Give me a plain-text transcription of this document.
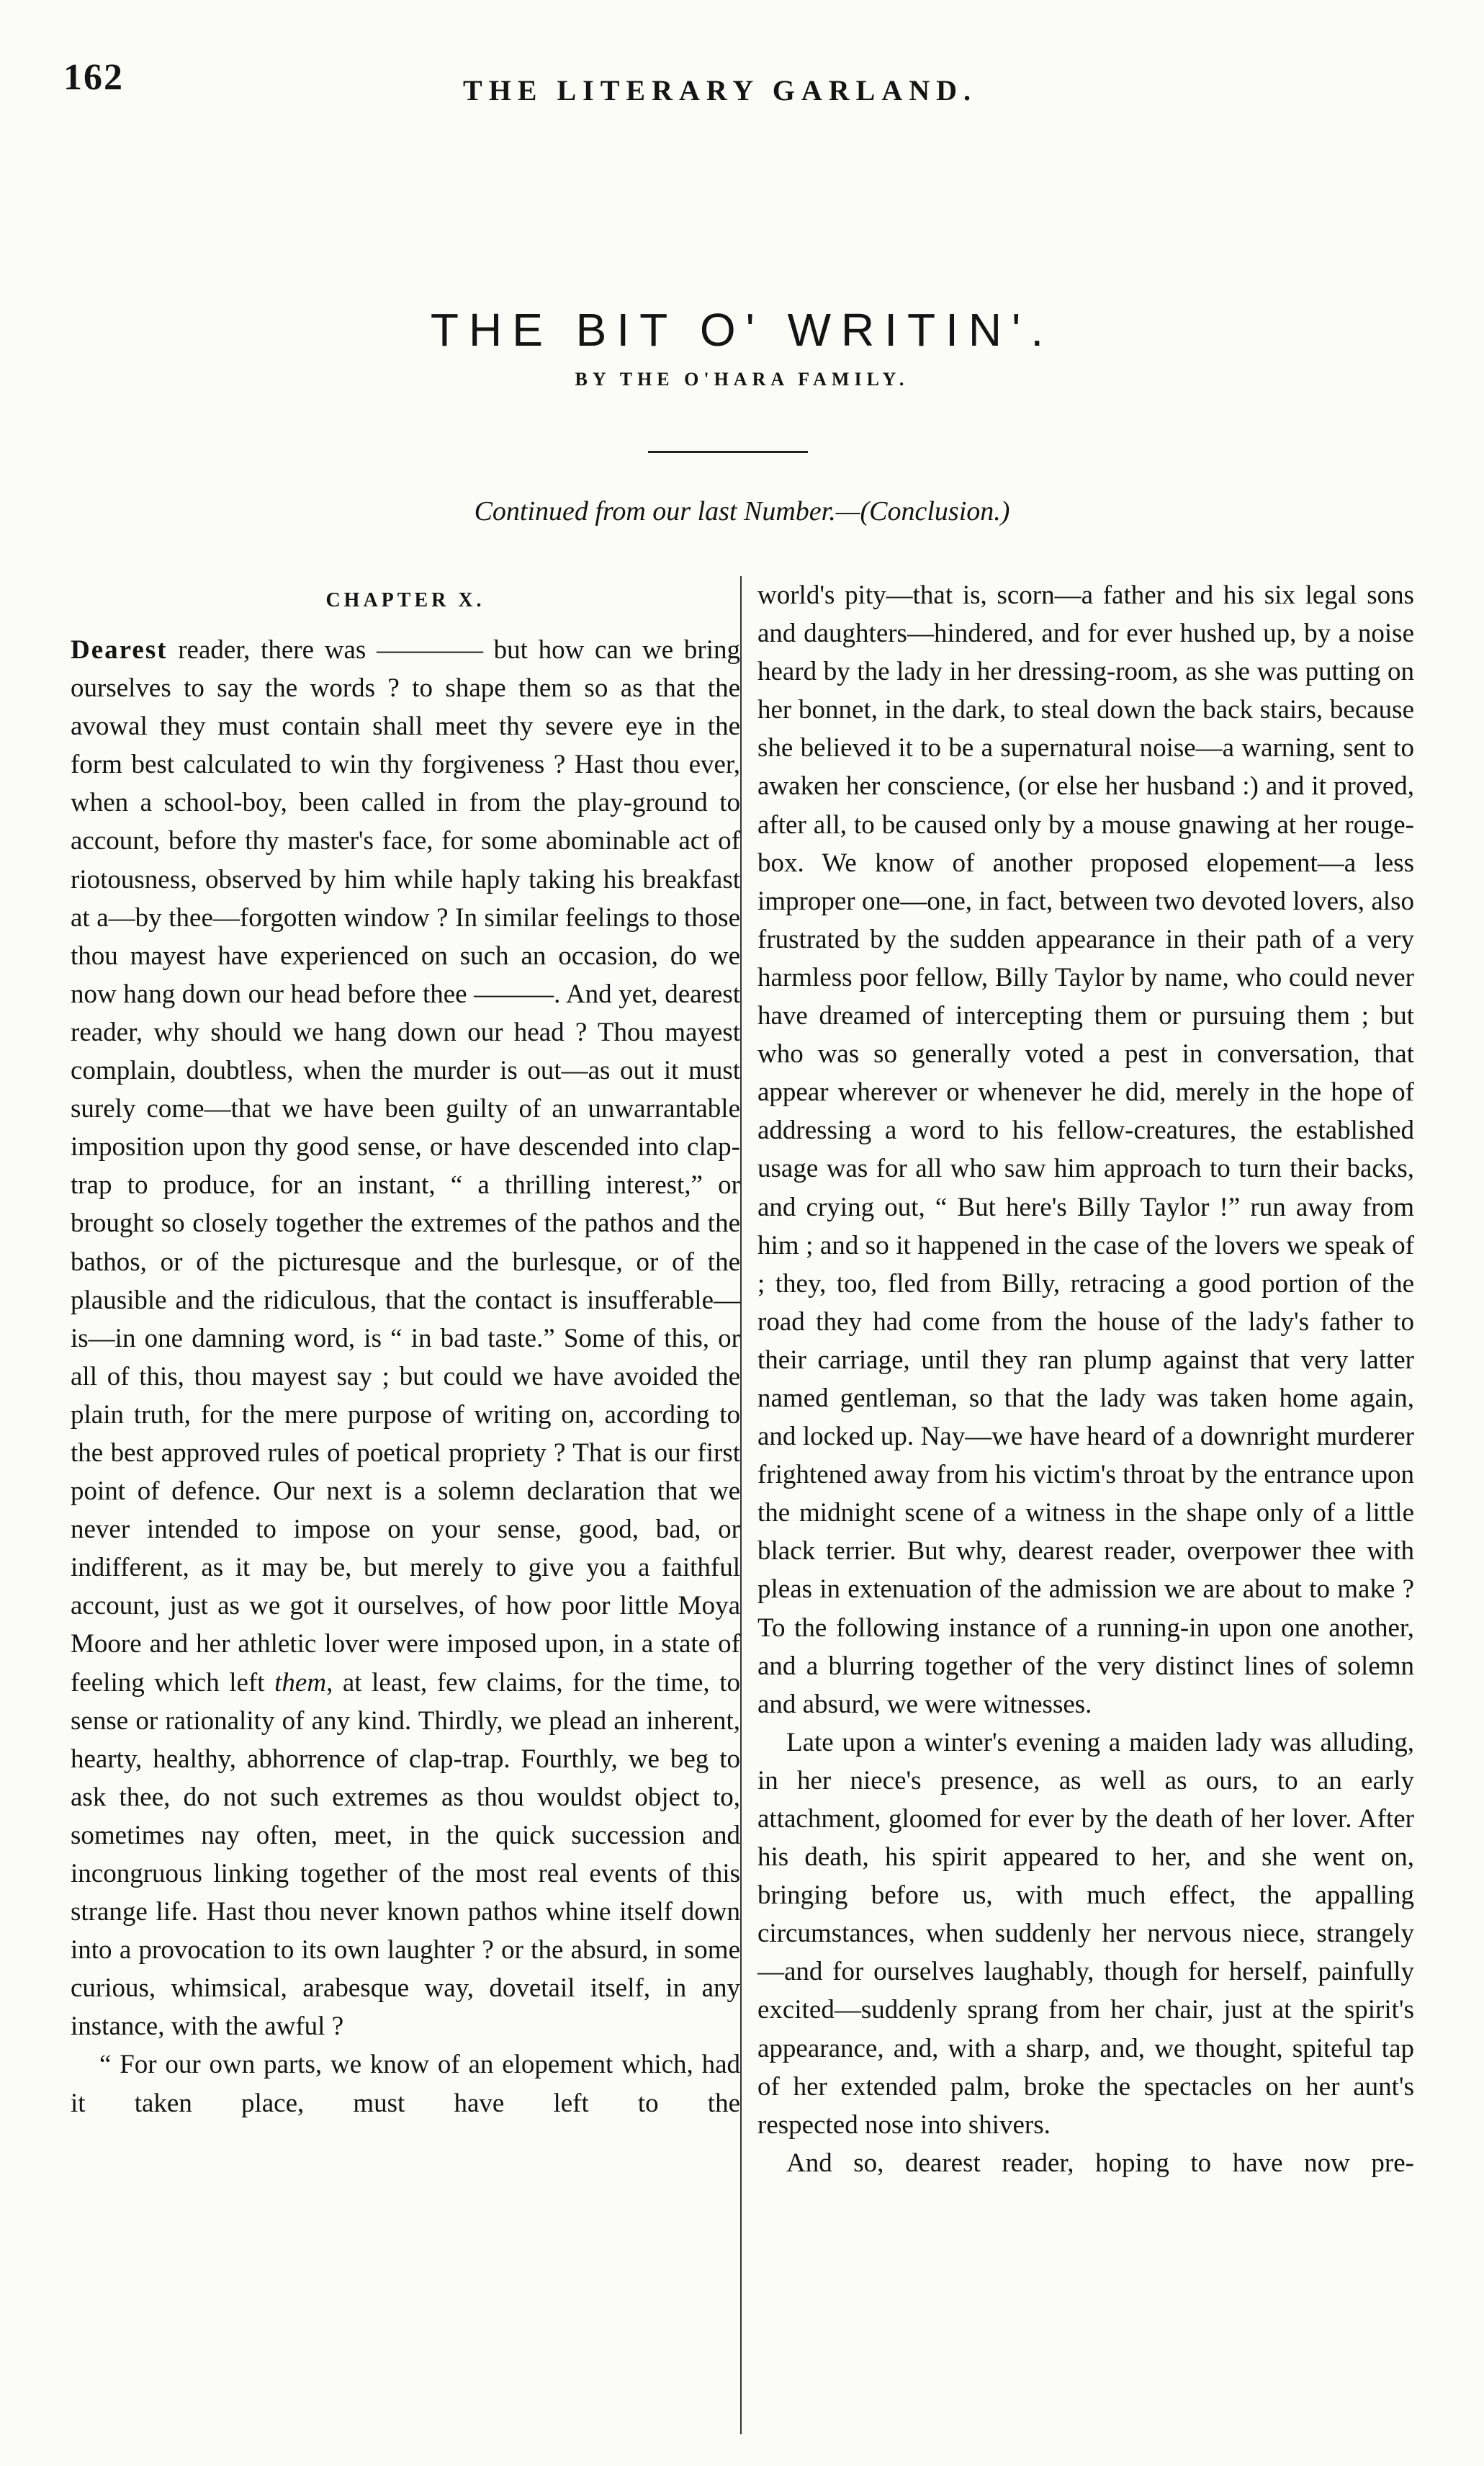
162	THE LITERARY GARLAND.
THE BIT O' WRITIN'.
BY THE O'HARA FAMILY.
Continued from our last Number.—(Conclusion.)
CHAPTER X.

Dearest reader, there was ———— but how can we bring ourselves to say the words ? to shape them so as that the avowal they must contain shall meet thy severe eye in the form best calculated to win thy forgiveness ? Hast thou ever, when a school-boy, been called in from the play-ground to account, before thy master's face, for some abominable act of riotousness, observed by him while haply taking his breakfast at a—by thee—forgotten window ? In similar feelings to those thou mayest have experienced on such an occasion, do we now hang down our head before thee ———. And yet, dearest reader, why should we hang down our head ? Thou mayest complain, doubtless, when the murder is out—as out it must surely come—that we have been guilty of an unwarrantable imposition upon thy good sense, or have descended into clap-trap to produce, for an instant, “ a thrilling interest,” or brought so closely together the extremes of the pathos and the bathos, or of the picturesque and the burlesque, or of the plausible and the ridiculous, that the contact is insufferable—is—in one damning word, is “ in bad taste.” Some of this, or all of this, thou mayest say ; but could we have avoided the plain truth, for the mere purpose of writing on, according to the best approved rules of poetical propriety ? That is our first point of defence. Our next is a solemn declaration that we never intended to impose on your sense, good, bad, or indifferent, as it may be, but merely to give you a faithful account, just as we got it ourselves, of how poor little Moya Moore and her athletic lover were imposed upon, in a state of feeling which left them, at least, few claims, for the time, to sense or rationality of any kind. Thirdly, we plead an inherent, hearty, healthy, abhorrence of clap-trap. Fourthly, we beg to ask thee, do not such extremes as thou wouldst object to, sometimes nay often, meet, in the quick succession and incongruous linking together of the most real events of this strange life. Hast thou never known pathos whine itself down into a provocation to its own laughter ? or the absurd, in some curious, whimsical, arabesque way, dovetail itself, in any instance, with the awful ?

“ For our own parts, we know of an elopement which, had it taken place, must have left to the

world's pity—that is, scorn—a father and his six legal sons and daughters—hindered, and for ever hushed up, by a noise heard by the lady in her dressing-room, as she was putting on her bonnet, in the dark, to steal down the back stairs, because she believed it to be a supernatural noise—a warning, sent to awaken her conscience, (or else her husband :) and it proved, after all, to be caused only by a mouse gnawing at her rouge-box. We know of another proposed elopement—a less improper one—one, in fact, between two devoted lovers, also frustrated by the sudden appearance in their path of a very harmless poor fellow, Billy Taylor by name, who could never have dreamed of intercepting them or pursuing them ; but who was so generally voted a pest in conversation, that appear wherever or whenever he did, merely in the hope of addressing a word to his fellow-creatures, the established usage was for all who saw him approach to turn their backs, and crying out, “ But here's Billy Taylor !” run away from him ; and so it happened in the case of the lovers we speak of ; they, too, fled from Billy, retracing a good portion of the road they had come from the house of the lady's father to their carriage, until they ran plump against that very latter named gentleman, so that the lady was taken home again, and locked up. Nay—we have heard of a downright murderer frightened away from his victim's throat by the entrance upon the midnight scene of a witness in the shape only of a little black terrier. But why, dearest reader, overpower thee with pleas in extenuation of the admission we are about to make ? To the following instance of a running-in upon one another, and a blurring together of the very distinct lines of solemn and absurd, we were witnesses.

Late upon a winter's evening a maiden lady was alluding, in her niece's presence, as well as ours, to an early attachment, gloomed for ever by the death of her lover. After his death, his spirit appeared to her, and she went on, bringing before us, with much effect, the appalling circumstances, when suddenly her nervous niece, strangely—and for ourselves laughably, though for herself, painfully excited—suddenly sprang from her chair, just at the spirit's appearance, and, with a sharp, and, we thought, spiteful tap of her extended palm, broke the spectacles on her aunt's respected nose into shivers.

And so, dearest reader, hoping to have now pre-
